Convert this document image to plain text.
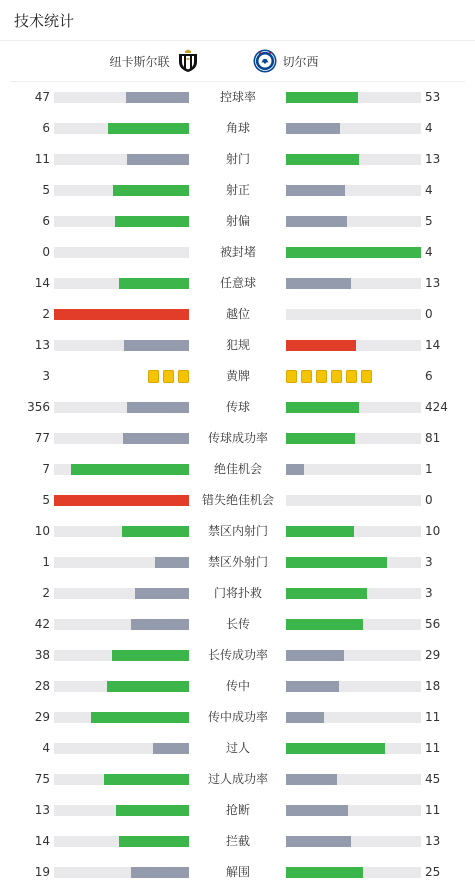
技术统计
纽卡斯尔联	切尔西
47	控球率	53
6	角球	4
11	射门	13
5	射正	4
6	射偏	5
0	被封堵	4
14	任意球	13
2	越位	0
13	犯规	14
3	黄牌	6
356	传球	424
77	传球成功率	81
7	绝佳机会	1
5	错失绝佳机会	0
10	禁区内射门	10
1	禁区外射门	3
2	门将扑救	3
42	长传	56
38	长传成功率	29
28	传中	18
29	传中成功率	11
4	过人	11
75	过人成功率	45
13	抢断	11
14	拦截	13
19	解围	25
